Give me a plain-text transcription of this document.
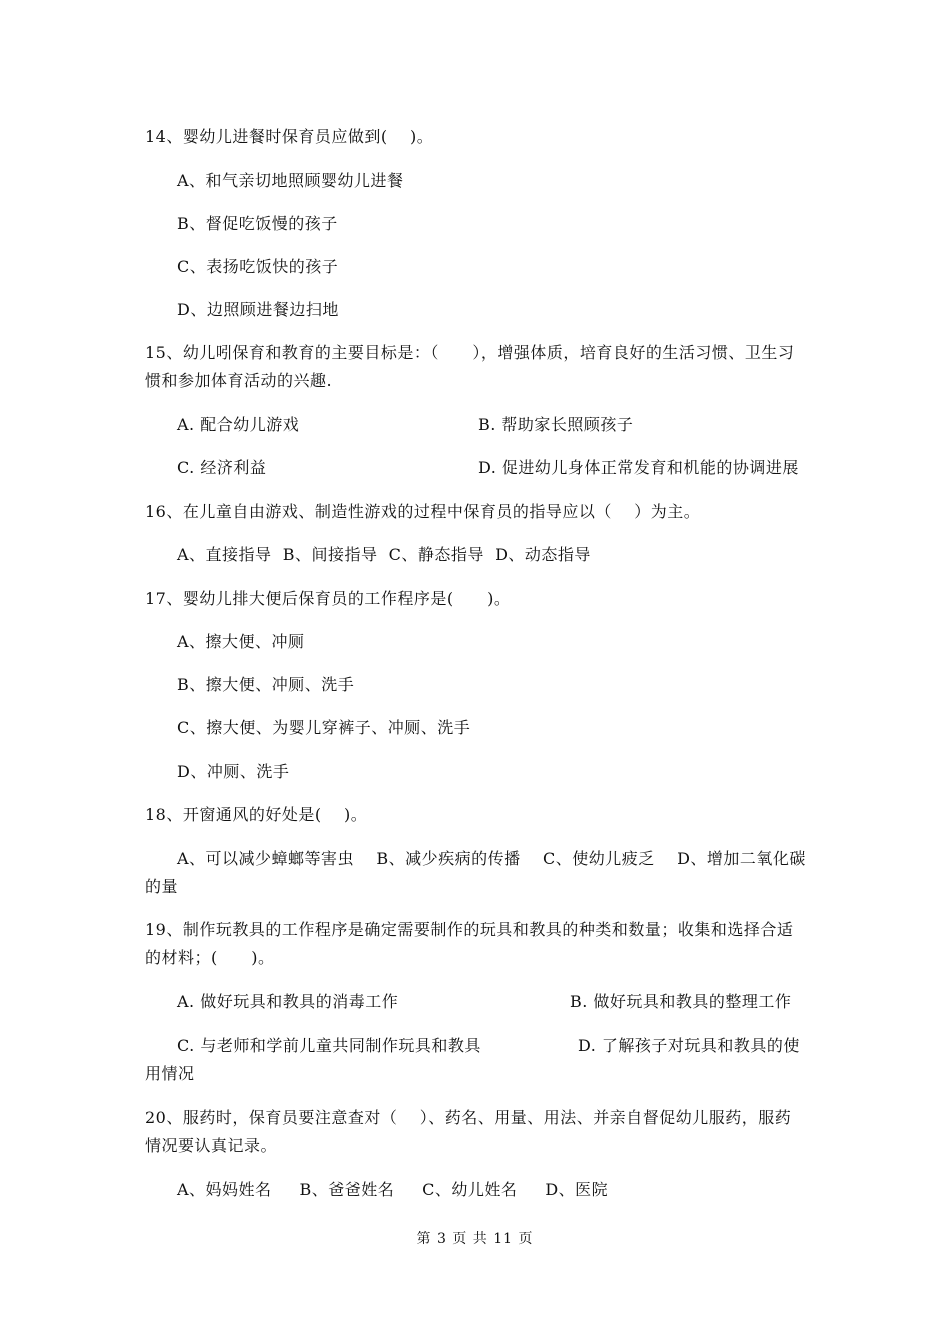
14、婴幼儿进餐时保育员应做到(    )。
A、和气亲切地照顾婴幼儿进餐
B、督促吃饭慢的孩子
C、表扬吃饭快的孩子
D、边照顾进餐边扫地
15、幼儿吲保育和教育的主要目标是：（      ），增强体质，培育良好的生活习惯、卫生习
惯和参加体育活动的兴趣.
A. 配合幼儿游戏	B. 帮助家长照顾孩子
C. 经济利益	D. 促进幼儿身体正常发育和机能的协调进展
16、在儿童自由游戏、制造性游戏的过程中保育员的指导应以（    ）为主。
A、直接指导  B、间接指导  C、静态指导  D、动态指导
17、婴幼儿排大便后保育员的工作程序是(      )。
A、擦大便、冲厕
B、擦大便、冲厕、洗手
C、擦大便、为婴儿穿裤子、冲厕、洗手
D、冲厕、洗手
18、开窗通风的好处是(    )。
A、可以减少蟑螂等害虫    B、减少疾病的传播    C、使幼儿疲乏    D、增加二氧化碳
的量
19、制作玩教具的工作程序是确定需要制作的玩具和教具的种类和数量；收集和选择合适
的材料；(      )。
A. 做好玩具和教具的消毒工作	B. 做好玩具和教具的整理工作
C. 与老师和学前儿童共同制作玩具和教具	D. 了解孩子对玩具和教具的使
用情况
20、服药时，保育员要注意查对（    ）、药名、用量、用法、并亲自督促幼儿服药，服药
情况要认真记录。
A、妈妈姓名     B、爸爸姓名     C、幼儿姓名     D、医院
第 3 页 共 11 页
